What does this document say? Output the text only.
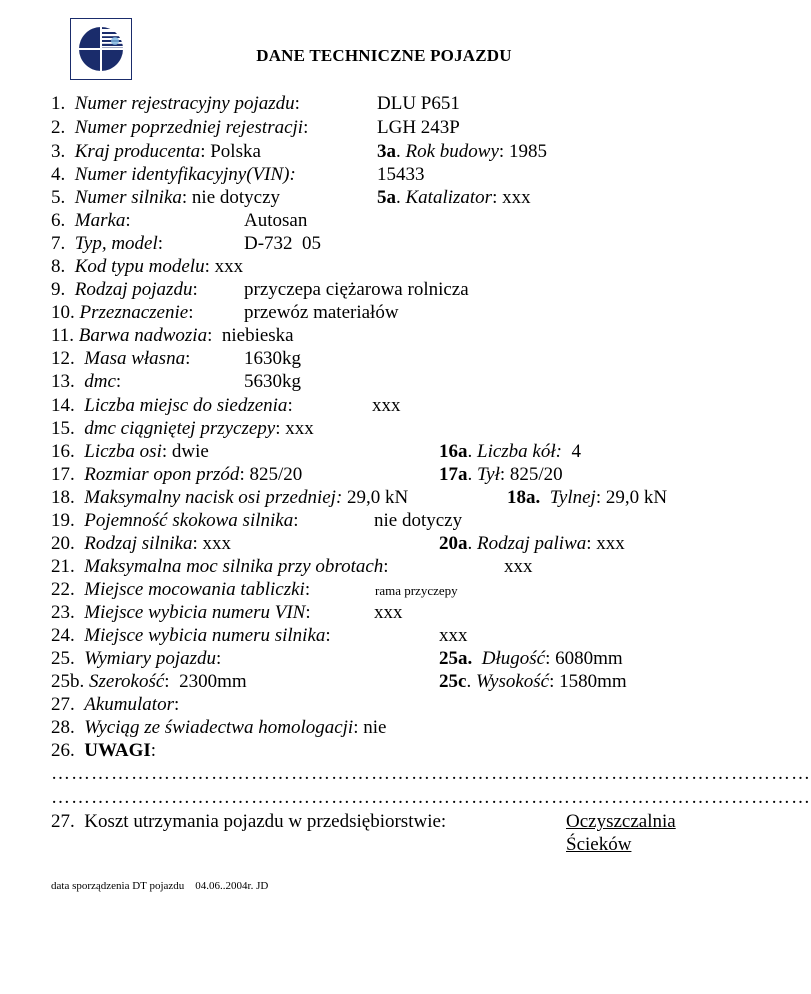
DANE TECHNICZNE POJAZDU
1. Numer rejestracyjny pojazdu:	DLU P651
2. Numer poprzedniej rejestracji:	LGH 243P
3. Kraj producenta: Polska	3a. Rok budowy: 1985
4. Numer identyfikacyjny(VIN):	15433
5. Numer silnika: nie dotyczy	5a. Katalizator: xxx
6. Marka:	Autosan
7. Typ, model:	D-732  05
8. Kod typu modelu: xxx
9. Rodzaj pojazdu: przyczepa ciężarowa rolnicza
10. Przeznaczenie:	przewóz materiałów
11. Barwa nadwozia:  niebieska
12. Masa własna:	1630kg
13. dmc:	5630kg
14. Liczba miejsc do siedzenia:	xxx
15. dmc ciągniętej przyczepy: xxx
16. Liczba osi: dwie	16a. Liczba kół: 4
17. Rozmiar opon przód: 825/20	17a. Tył: 825/20
18. Maksymalny nacisk osi przedniej: 29,0 kN	18a. Tylnej: 29,0 kN
19. Pojemność skokowa silnika:	nie dotyczy
20. Rodzaj silnika: xxx	20a. Rodzaj paliwa: xxx
21. Maksymalna moc silnika przy obrotach:	xxx
22. Miejsce mocowania tabliczki:	rama przyczepy
23. Miejsce wybicia numeru VIN:	xxx
24. Miejsce wybicia numeru silnika:	xxx
25. Wymiary pojazdu:	25a. Długość: 6080mm
25b. Szerokość:  2300mm	25c. Wysokość: 1580mm
27. Akumulator:
28. Wyciąg ze świadectwa homologacji: nie
26. UWAGI:
……………………………………………………………………………………………………
……………………………………………………………………………………………………
27. Koszt utrzymania pojazdu w przedsiębiorstwie:	Oczyszczalnia
Ścieków
data sporządzenia DT pojazdu 04.06..2004r. JD
